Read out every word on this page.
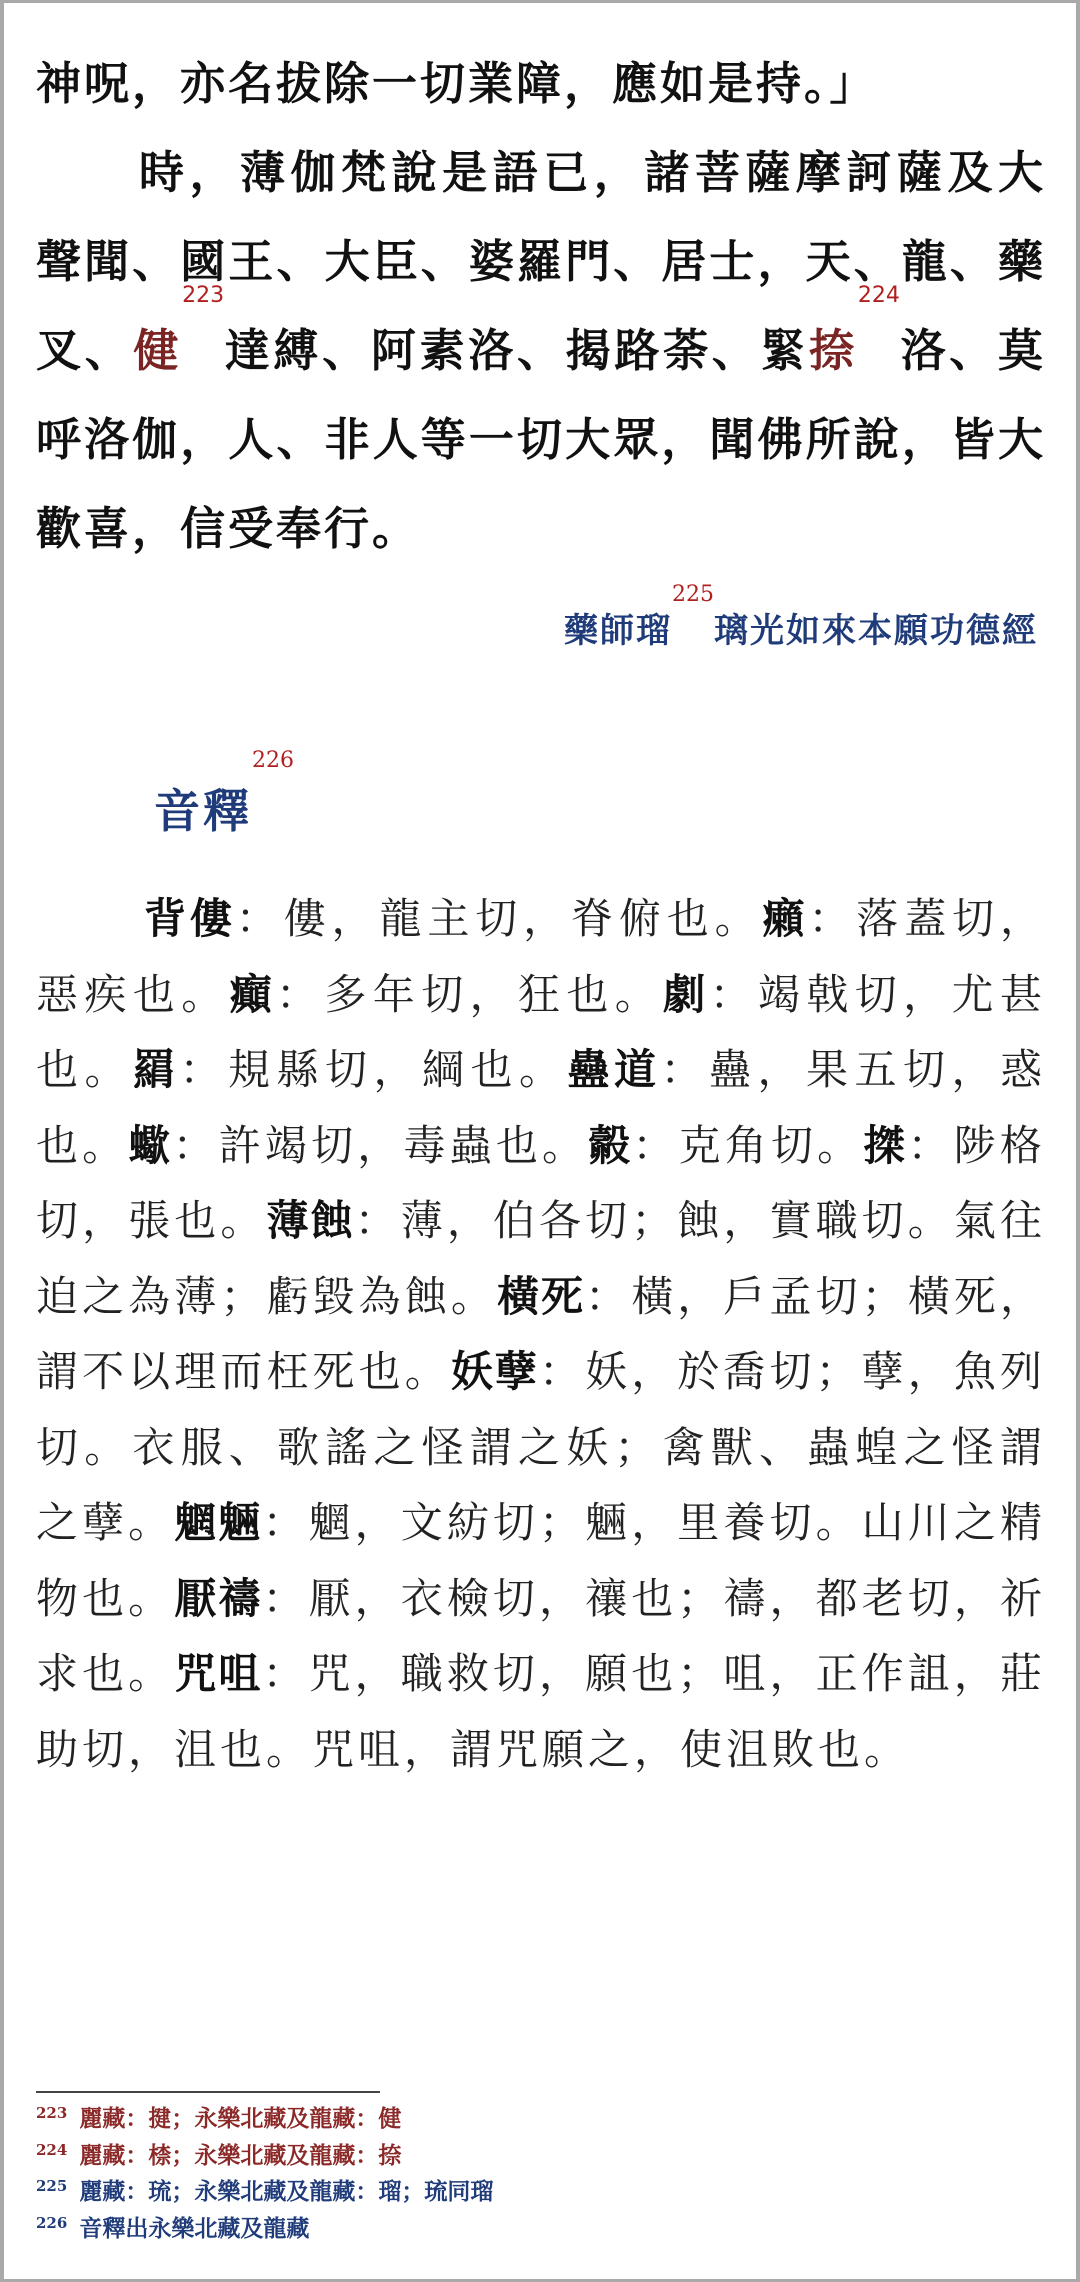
神呪，亦名拔除一切業障，應如是持。」

時，薄伽梵說是語已，諸菩薩摩訶薩及大聲聞、國王、大臣、婆羅門、居士，天、龍、藥叉、健$^{223}$達縛、阿素洛、揭路荼、緊捺$^{224}$洛、莫呼洛伽，人、非人等一切大眾，聞佛所說，皆大歡喜，信受奉行。

藥師瑠$^{225}$璃光如來本願功德經
音釋$^{226}$

背僂：僂，龍主切，脊俯也。癩：落蓋切，惡疾也。癲：多年切，狂也。劇：竭戟切，尤甚也。羂：規縣切，綱也。蠱道：蠱，果五切，惑也。蠍：許竭切，毒蟲也。㲉：克角切。搩：陟格切，張也。薄蝕：薄，伯各切；蝕，實職切。氣往迫之為薄；虧毀為蝕。橫死：橫，戶孟切；橫死，謂不以理而枉死也。妖孽：妖，於喬切；孽，魚列切。衣服、歌謠之怪謂之妖；禽獸、蟲蝗之怪謂之孽。魍魎：魍，文紡切；魎，里養切。山川之精物也。厭禱：厭，衣檢切，禳也；禱，都老切，祈求也。咒咀：咒，職救切，願也；咀，正作詛，莊助切，沮也。咒咀，謂咒願之，使沮敗也。

$^{223}$ 麗藏：揵；永樂北藏及龍藏：健
$^{224}$ 麗藏：㮏；永樂北藏及龍藏：捺
$^{225}$ 麗藏：琉；永樂北藏及龍藏：瑠；琉同瑠
$^{226}$ 音釋出永樂北藏及龍藏
